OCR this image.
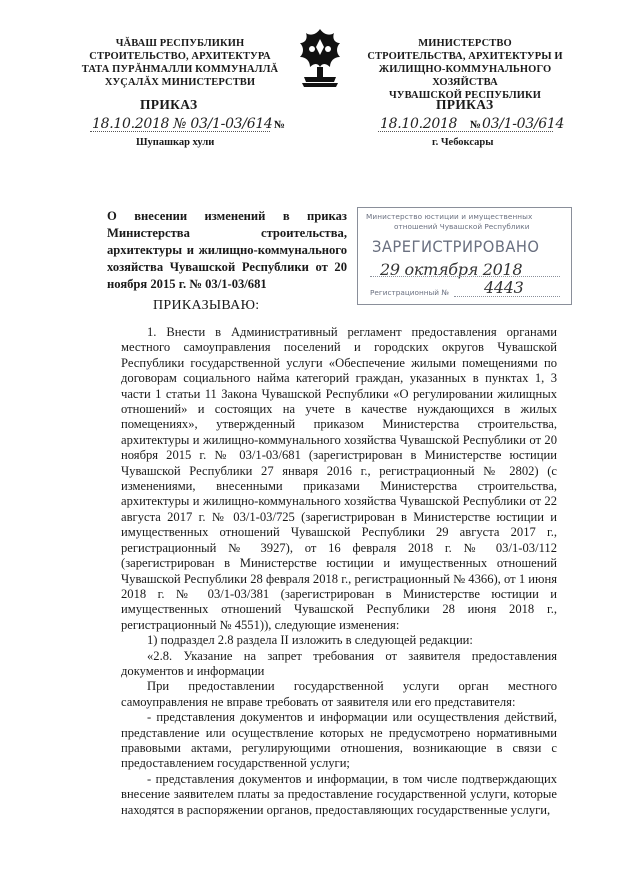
ЧĂВАШ РЕСПУБЛИКИН
СТРОИТЕЛЬСТВО, АРХИТЕКТУРА
ТАТА ПУРĂНМАЛЛИ КОММУНАЛЛĂ
ХУÇАЛĂХ МИНИСТЕРСТВИ
МИНИСТЕРСТВО
СТРОИТЕЛЬСТВА, АРХИТЕКТУРЫ И
ЖИЛИЩНО-КОММУНАЛЬНОГО ХОЗЯЙСТВА
ЧУВАШСКОЙ РЕСПУБЛИКИ
ПРИКАЗ	ПРИКАЗ
18.10.2018 № 03/1-03/614 №
Шупашкар хули
18.10.2018 № 03/1-03/614
г. Чебоксары
О внесении изменений в приказ Министерства строительства, архитектуры и жилищно-коммунального хозяйства Чувашской Республики от 20 ноября 2015 г. № 03/1-03/681
Министерство юстиции и имущественных
отношений Чувашской Республики
ЗАРЕГИСТРИРОВАНО
29 октября 2018
Регистрационный № 4443
ПРИКАЗЫВАЮ:

1. Внести в Административный регламент предоставления органами местного самоуправления поселений и городских округов Чувашской Республики государственной услуги «Обеспечение жилыми помещениями по договорам социального найма категорий граждан, указанных в пунктах 1, 3 части 1 статьи 11 Закона Чувашской Республики «О регулировании жилищных отношений» и состоящих на учете в качестве нуждающихся в жилых помещениях», утвержденный приказом Министерства строительства, архитектуры и жилищно-коммунального хозяйства Чувашской Республики от 20 ноября 2015 г. № 03/1-03/681 (зарегистрирован в Министерстве юстиции Чувашской Республики 27 января 2016 г., регистрационный № 2802) (с изменениями, внесенными приказами Министерства строительства, архитектуры и жилищно-коммунального хозяйства Чувашской Республики от 22 августа 2017 г. № 03/1-03/725 (зарегистрирован в Министерстве юстиции и имущественных отношений Чувашской Республики 29 августа 2017 г., регистрационный № 3927), от 16 февраля 2018 г. № 03/1-03/112 (зарегистрирован в Министерстве юстиции и имущественных отношений Чувашской Республики 28 февраля 2018 г., регистрационный № 4366), от 1 июня 2018 г. № 03/1-03/381 (зарегистрирован в Министерстве юстиции и имущественных отношений Чувашской Республики 28 июня 2018 г., регистрационный № 4551)), следующие изменения:

1) подраздел 2.8 раздела II изложить в следующей редакции:

«2.8. Указание на запрет требования от заявителя предоставления документов и информации

При предоставлении государственной услуги орган местного самоуправления не вправе требовать от заявителя или его представителя:

- представления документов и информации или осуществления действий, представление или осуществление которых не предусмотрено нормативными правовыми актами, регулирующими отношения, возникающие в связи с предоставлением государственной услуги;

- представления документов и информации, в том числе подтверждающих внесение заявителем платы за предоставление государственной услуги, которые находятся в распоряжении органов, предоставляющих государственные услуги,
